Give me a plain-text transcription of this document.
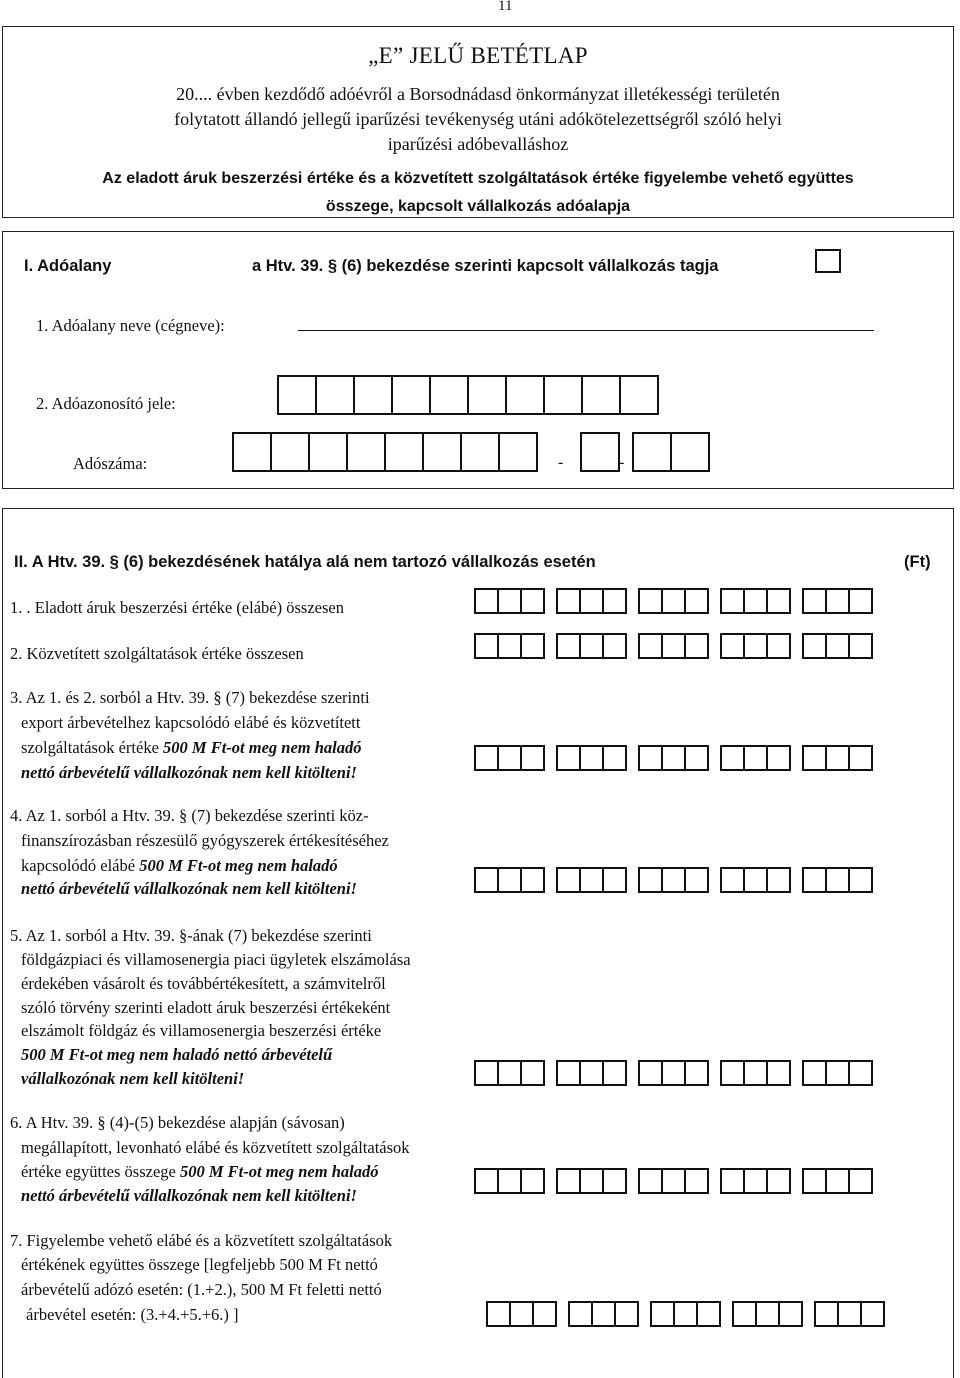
11
„E” JELŰ BETÉTLAP
20.... évben kezdődő adóévről a Borsodnádasd önkormányzat illetékességi területén
folytatott állandó jellegű iparűzési tevékenység utáni adókötelezettségről szóló helyi
iparűzési adóbevalláshoz
Az eladott áruk beszerzési értéke és a közvetített szolgáltatások értéke figyelembe vehető együttes
összege, kapcsolt vállalkozás adóalapja
I. Adóalany	a Htv. 39. § (6) bekezdése szerinti kapcsolt vállalkozás tagja
1. Adóalany neve (cégneve):
2. Adóazonosító jele:
Adószáma:	-	-
II. A Htv. 39. § (6) bekezdésének hatálya alá nem tartozó vállalkozás esetén	(Ft)
1. . Eladott áruk beszerzési értéke (elábé) összesen
2. Közvetített szolgáltatások értéke összesen
3. Az 1. és 2. sorból a Htv. 39. § (7) bekezdése szerinti
export árbevételhez kapcsolódó elábé és közvetített
szolgáltatások értéke 500 M Ft-ot meg nem haladó
nettó árbevételű vállalkozónak nem kell kitölteni!
4. Az 1. sorból a Htv. 39. § (7) bekezdése szerinti köz-
finanszírozásban részesülő gyógyszerek értékesítéséhez
kapcsolódó elábé 500 M Ft-ot meg nem haladó
nettó árbevételű vállalkozónak nem kell kitölteni!
5. Az 1. sorból a Htv. 39. §-ának (7) bekezdése szerinti
földgázpiaci és villamosenergia piaci ügyletek elszámolása
érdekében vásárolt és továbbértékesített, a számvitelről
szóló törvény szerinti eladott áruk beszerzési értékeként
elszámolt földgáz és villamosenergia beszerzési értéke
500 M Ft-ot meg nem haladó nettó árbevételű
vállalkozónak nem kell kitölteni!
6. A Htv. 39. § (4)-(5) bekezdése alapján (sávosan)
megállapított, levonható elábé és közvetített szolgáltatások
értéke együttes összege 500 M Ft-ot meg nem haladó
nettó árbevételű vállalkozónak nem kell kitölteni!
7. Figyelembe vehető elábé és a közvetített szolgáltatások
értékének együttes összege [legfeljebb 500 M Ft nettó
árbevételű adózó esetén: (1.+2.), 500 M Ft feletti nettó
árbevétel esetén: (3.+4.+5.+6.) ]
